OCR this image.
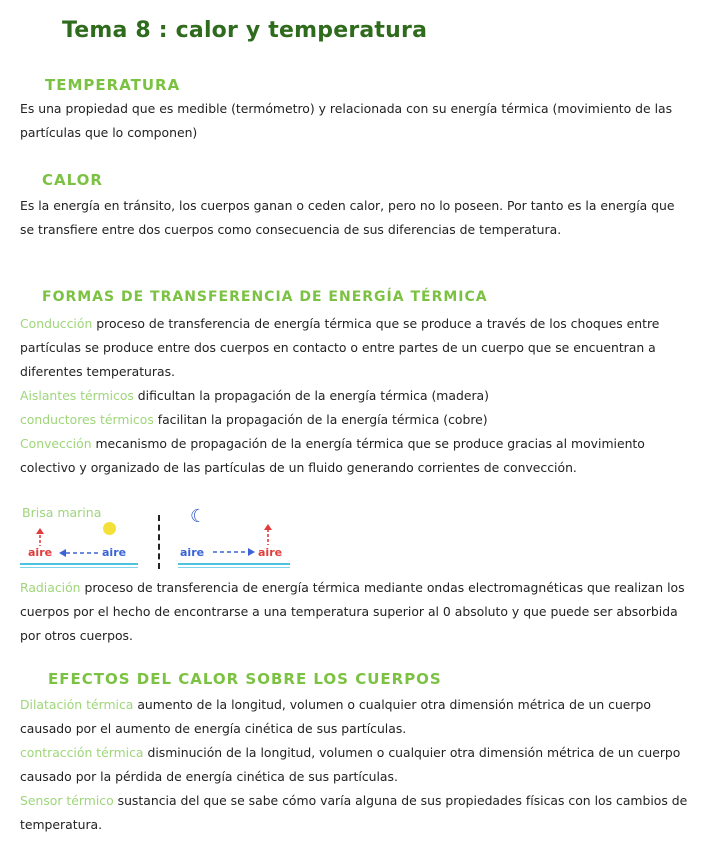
Tema 8 : calor y temperatura
TEMPERATURA

Es una propiedad que es medible (termómetro) y relacionada con su energía térmica (movimiento de las partículas que lo componen)

CALOR

Es la energía en tránsito, los cuerpos ganan o ceden calor, pero no lo poseen. Por tanto es la energía que se transfiere entre dos cuerpos como consecuencia de sus diferencias de temperatura.

FORMAS DE TRANSFERENCIA DE ENERGÍA TÉRMICA

Conducción proceso de transferencia de energía térmica que se produce a través de los choques entre partículas se produce entre dos cuerpos en contacto o entre partes de un cuerpo que se encuentran a diferentes temperaturas.

Aislantes térmicos dificultan la propagación de la energía térmica (madera)

conductores térmicos facilitan la propagación de la energía térmica (cobre)

Convección mecanismo de propagación de la energía térmica que se produce gracias al movimiento colectivo y organizado de las partículas de un fluido generando corrientes de convección.

Brisa marina
aire	aire
☾
aire	aire

Radiación proceso de transferencia de energía térmica mediante ondas electromagnéticas que realizan los cuerpos por el hecho de encontrarse a una temperatura superior al 0 absoluto y que puede ser absorbida por otros cuerpos.

EFECTOS DEL CALOR SOBRE LOS CUERPOS

Dilatación térmica aumento de la longitud, volumen o cualquier otra dimensión métrica de un cuerpo causado por el aumento de energía cinética de sus partículas.

contracción térmica disminución de la longitud, volumen o cualquier otra dimensión métrica de un cuerpo causado por la pérdida de energía cinética de sus partículas.

Sensor térmico sustancia del que se sabe cómo varía alguna de sus propiedades físicas con los cambios de temperatura.
